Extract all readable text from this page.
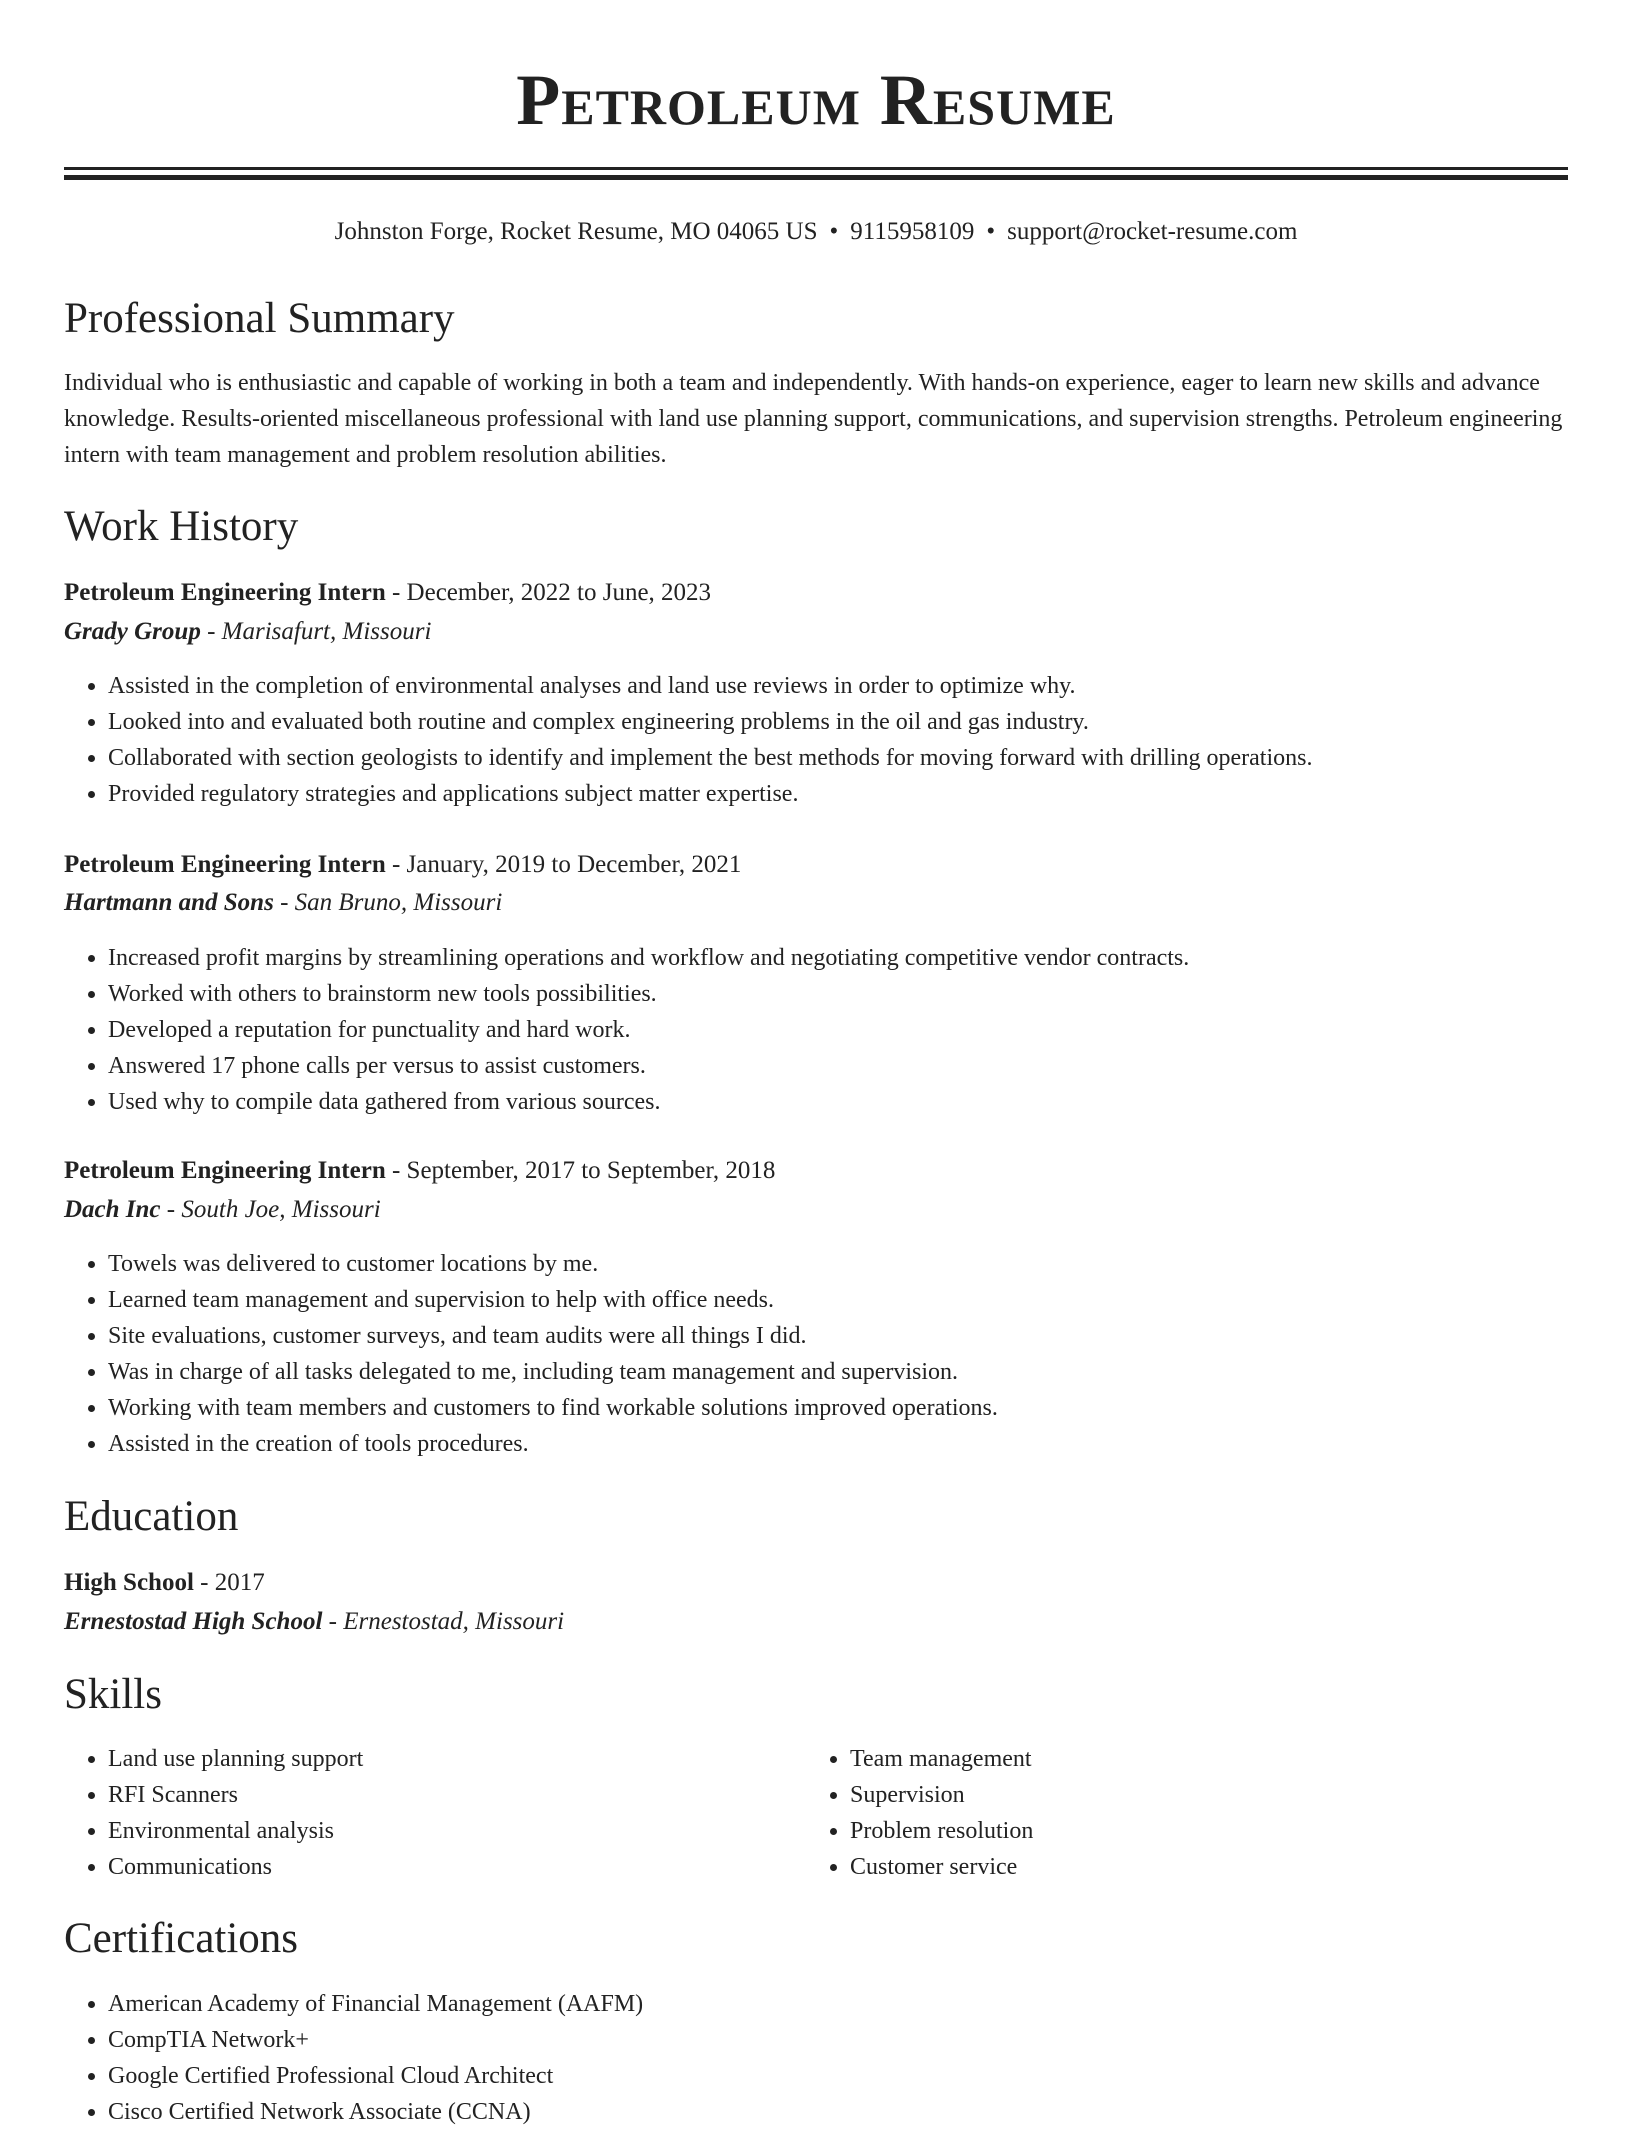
Petroleum Resume
Johnston Forge, Rocket Resume, MO 04065 US • 9115958109 • support@rocket-resume.com
Professional Summary

Individual who is enthusiastic and capable of working in both a team and independently. With hands-on experience, eager to learn new skills and advance knowledge. Results-oriented miscellaneous professional with land use planning support, communications, and supervision strengths. Petroleum engineering intern with team management and problem resolution abilities.

Work History
Petroleum Engineering Intern - December, 2022 to June, 2023
Grady Group - Marisafurt, Missouri
• Assisted in the completion of environmental analyses and land use reviews in order to optimize why.
• Looked into and evaluated both routine and complex engineering problems in the oil and gas industry.
• Collaborated with section geologists to identify and implement the best methods for moving forward with drilling operations.
• Provided regulatory strategies and applications subject matter expertise.
Petroleum Engineering Intern - January, 2019 to December, 2021
Hartmann and Sons - San Bruno, Missouri
• Increased profit margins by streamlining operations and workflow and negotiating competitive vendor contracts.
• Worked with others to brainstorm new tools possibilities.
• Developed a reputation for punctuality and hard work.
• Answered 17 phone calls per versus to assist customers.
• Used why to compile data gathered from various sources.
Petroleum Engineering Intern - September, 2017 to September, 2018
Dach Inc - South Joe, Missouri
• Towels was delivered to customer locations by me.
• Learned team management and supervision to help with office needs.
• Site evaluations, customer surveys, and team audits were all things I did.
• Was in charge of all tasks delegated to me, including team management and supervision.
• Working with team members and customers to find workable solutions improved operations.
• Assisted in the creation of tools procedures.
Education
High School - 2017
Ernestostad High School - Ernestostad, Missouri
Skills
• Land use planning support
• RFI Scanners
• Environmental analysis
• Communications
• Team management
• Supervision
• Problem resolution
• Customer service
Certifications
• American Academy of Financial Management (AAFM)
• CompTIA Network+
• Google Certified Professional Cloud Architect
• Cisco Certified Network Associate (CCNA)
